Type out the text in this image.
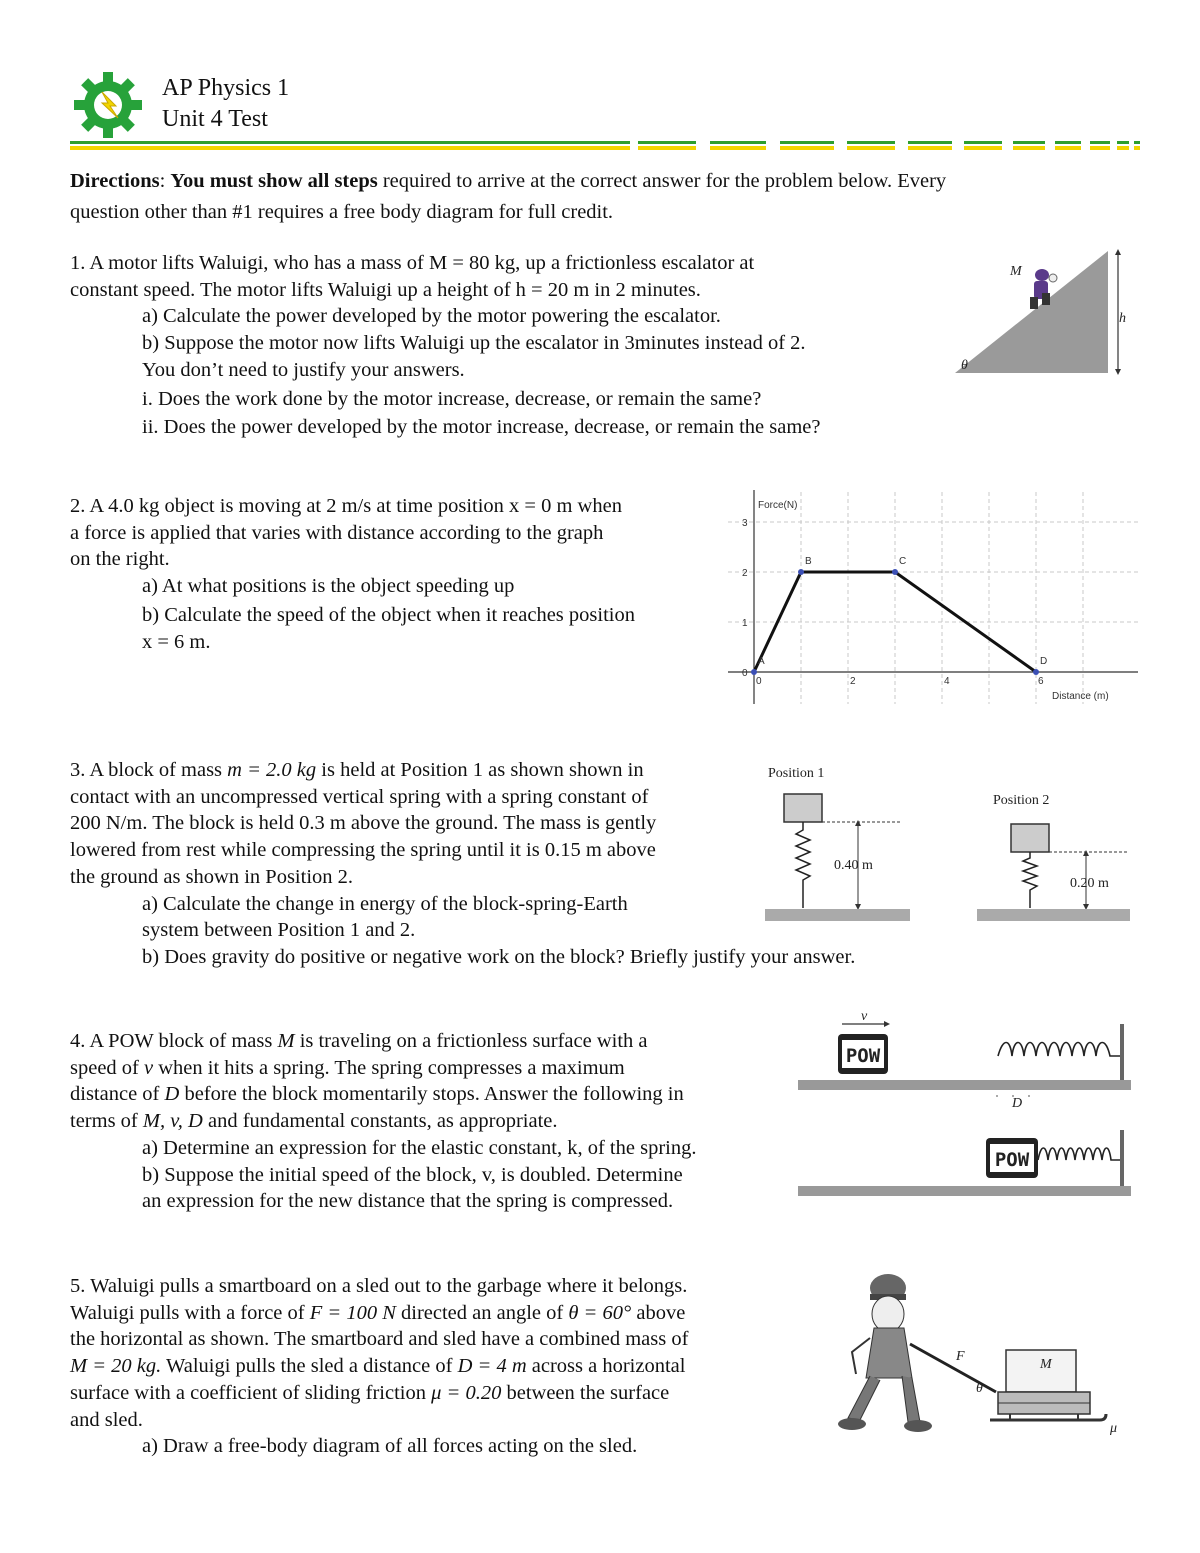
AP Physics 1
Unit 4 Test
Directions: You must show all steps required to arrive at the correct answer for the problem below. Every
question other than #1 requires a free body diagram for full credit.
1. A motor lifts Waluigi, who has a mass of M = 80 kg, up a frictionless escalator at
constant speed. The motor lifts Waluigi up a height of h = 20 m in 2 minutes.
a) Calculate the power developed by the motor powering the escalator.
b) Suppose the motor now lifts Waluigi up the escalator in 3minutes instead of 2.
You don’t need to justify your answers.
i. Does the work done by the motor increase, decrease, or remain the same?
ii. Does the power developed by the motor increase, decrease, or remain the same?
h
θ
M
2. A 4.0 kg object is moving at 2 m/s at time position x = 0 m when
a force is applied that varies with distance according to the graph
on the right.
a) At what positions is the object speeding up
b) Calculate the speed of the object when it reaches position
x = 6 m.
0	2	4	6
0
1
2
3
Force(N)
Distance (m)
A
B	C
D
3. A block of mass m = 2.0 kg is held at Position 1 as shown shown in
contact with an uncompressed vertical spring with a spring constant of
200 N/m. The block is held 0.3 m above the ground. The mass is gently
lowered from rest while compressing the spring until it is 0.15 m above
the ground as shown in Position 2.
a) Calculate the change in energy of the block-spring-Earth
system between Position 1 and 2.
b) Does gravity do positive or negative work on the block? Briefly justify your answer.
Position 1
Position 2
0.40 m
0.20 m
4. A POW block of mass M is traveling on a frictionless surface with a
speed of v when it hits a spring. The spring compresses a maximum
distance of D before the block momentarily stops. Answer the following in
terms of M, v, D and fundamental constants, as appropriate.
a) Determine an expression for the elastic constant, k, of the spring.
b) Suppose the initial speed of the block, v, is doubled. Determine
an expression for the new distance that the spring is compressed.
v
POW
D
POW
5. Waluigi pulls a smartboard on a sled out to the garbage where it belongs.
Waluigi pulls with a force of F = 100 N directed an angle of θ = 60° above
the horizontal as shown. The smartboard and sled have a combined mass of
M = 20 kg. Waluigi pulls the sled a distance of D = 4 m across a horizontal
surface with a coefficient of sliding friction μ = 0.20 between the surface
and sled.
a) Draw a free-body diagram of all forces acting on the sled.
F
θ
M
μ
